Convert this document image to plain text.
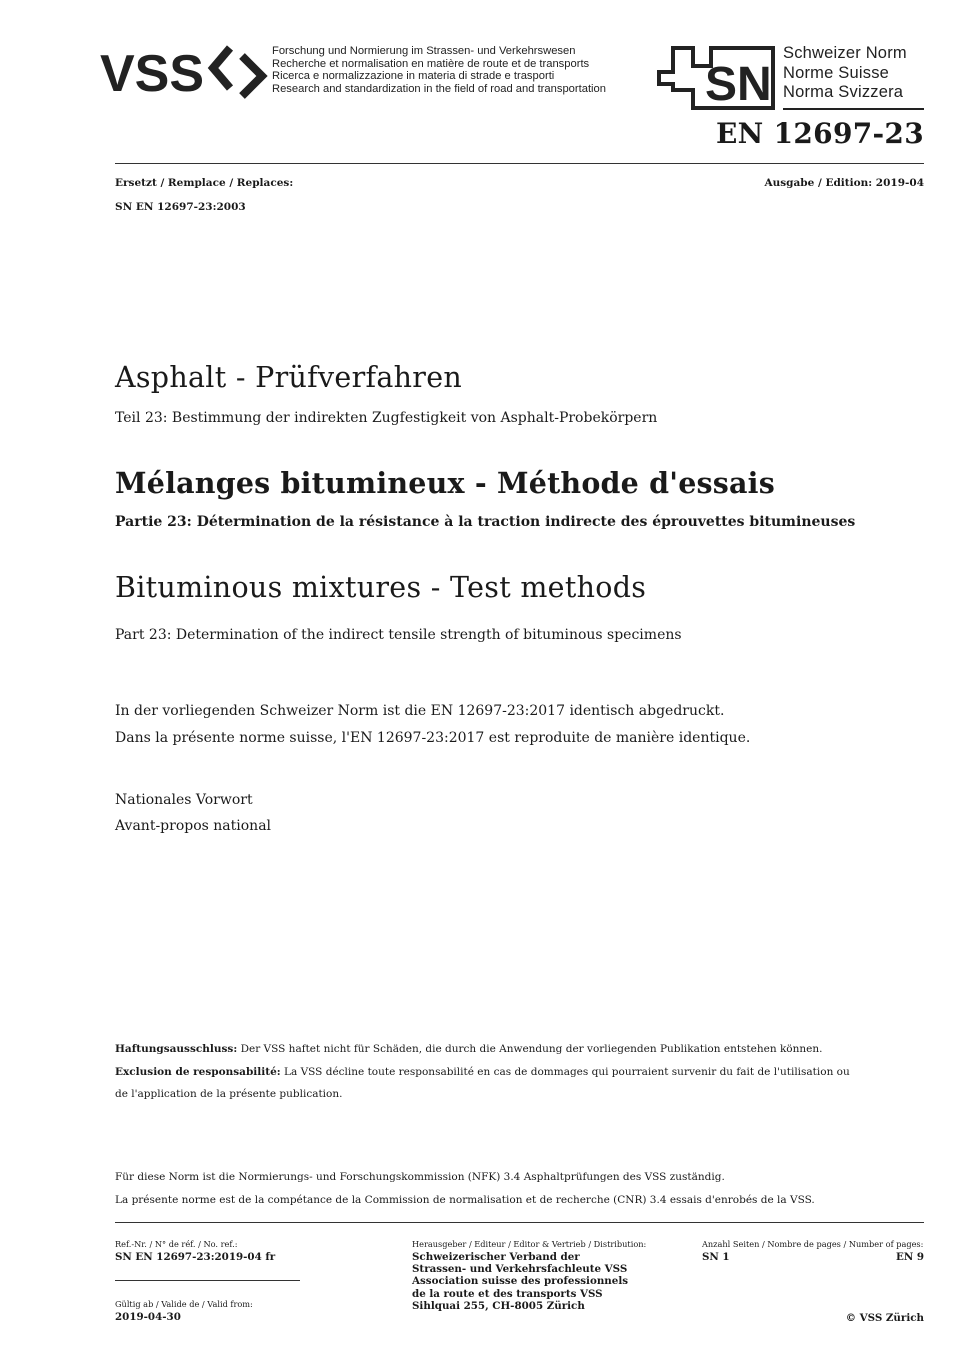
VSS	Forschung und Normierung im Strassen- und Verkehrswesen
Recherche et normalisation en matière de route et de transports
Ricerca e normalizzazione in materia di strade e trasporti
Research and standardization in the field of road and transportation SN
Schweizer Norm
Norme Suisse
Norma Svizzera
EN 12697-23
Ersetzt / Remplace / Replaces:	Ausgabe / Edition: 2019-04
SN EN 12697-23:2003
Asphalt - Prüfverfahren
Teil 23: Bestimmung der indirekten Zugfestigkeit von Asphalt-Probekörpern
Mélanges bitumineux - Méthode d'essais
Partie 23: Détermination de la résistance à la traction indirecte des éprouvettes bitumineuses
Bituminous mixtures - Test methods
Part 23: Determination of the indirect tensile strength of bituminous specimens
In der vorliegenden Schweizer Norm ist die EN 12697-23:2017 identisch abgedruckt.
Dans la présente norme suisse, l'EN 12697-23:2017 est reproduite de manière identique.
Nationales Vorwort
Avant-propos national
Haftungsausschluss: Der VSS haftet nicht für Schäden, die durch die Anwendung der vorliegenden Publikation entstehen können.
Exclusion de responsabilité: La VSS décline toute responsabilité en cas de dommages qui pourraient survenir du fait de l'utilisation ou
de l'application de la présente publication.
Für diese Norm ist die Normierungs- und Forschungskommission (NFK) 3.4 Asphaltprüfungen des VSS zuständig.
La présente norme est de la compétance de la Commission de normalisation et de recherche (CNR) 3.4 essais d'enrobés de la VSS.
Ref.-Nr. / N° de réf. / No. ref.:
SN EN 12697-23:2019-04 fr
Gültig ab / Valide de / Valid from:
2019-04-30
Herausgeber / Editeur / Editor & Vertrieb / Distribution:
Schweizerischer Verband der
Strassen- und Verkehrsfachleute VSS
Association suisse des professionnels
de la route et des transports VSS
Sihlquai 255, CH-8005 Zürich
Anzahl Seiten / Nombre de pages / Number of pages:
SN 1	EN 9
© VSS Zürich
